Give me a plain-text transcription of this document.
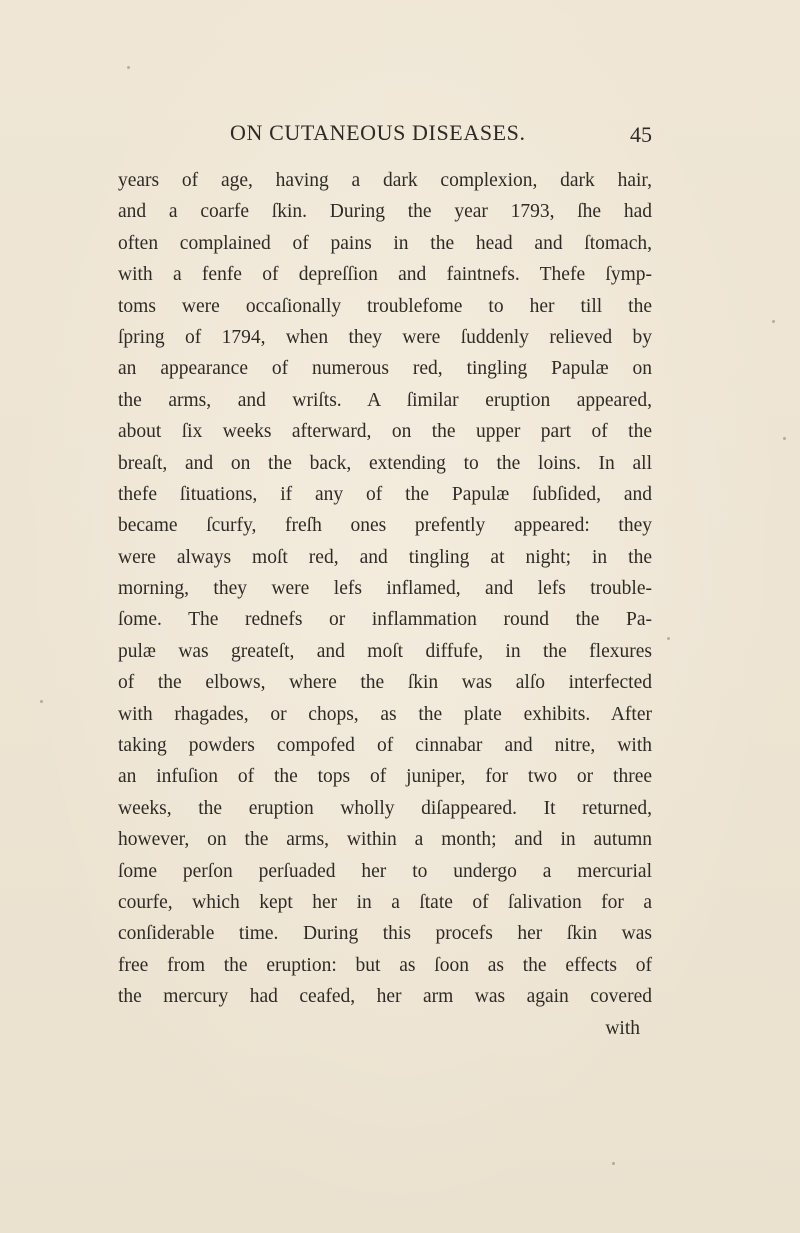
ON CUTANEOUS DISEASES.	45
years of age, having a dark complexion, dark hair,
and a coarfe ſkin. During the year 1793, ſhe had
often complained of pains in the head and ſtomach,
with a fenfe of depreſſion and faintnefs. Thefe ſymp-
toms were occaſionally troublefome to her till the
ſpring of 1794, when they were ſuddenly relieved by
an appearance of numerous red, tingling Papulæ on
the arms, and wriſts. A ſimilar eruption appeared,
about ſix weeks afterward, on the upper part of the
breaſt, and on the back, extending to the loins. In all
thefe ſituations, if any of the Papulæ ſubſided, and
became ſcurfy, freſh ones prefently appeared: they
were always moſt red, and tingling at night; in the
morning, they were lefs inflamed, and lefs trouble-
ſome. The rednefs or inflammation round the Pa-
pulæ was greateſt, and moſt diffufe, in the flexures
of the elbows, where the ſkin was alſo interfeсted
with rhagades, or chops, as the plate exhibits. After
taking powders compofed of cinnabar and nitre, with
an infuſion of the tops of juniper, for two or three
weeks, the eruption wholly diſappeared. It returned,
however, on the arms, within a month; and in autumn
ſome perſon perſuaded her to undergo a mercurial
courfe, which kept her in a ſtate of ſalivation for a
conſiderable time. During this procefs her ſkin was
free from the eruption: but as ſoon as the effects of
the mercury had ceafed, her arm was again covered
with
